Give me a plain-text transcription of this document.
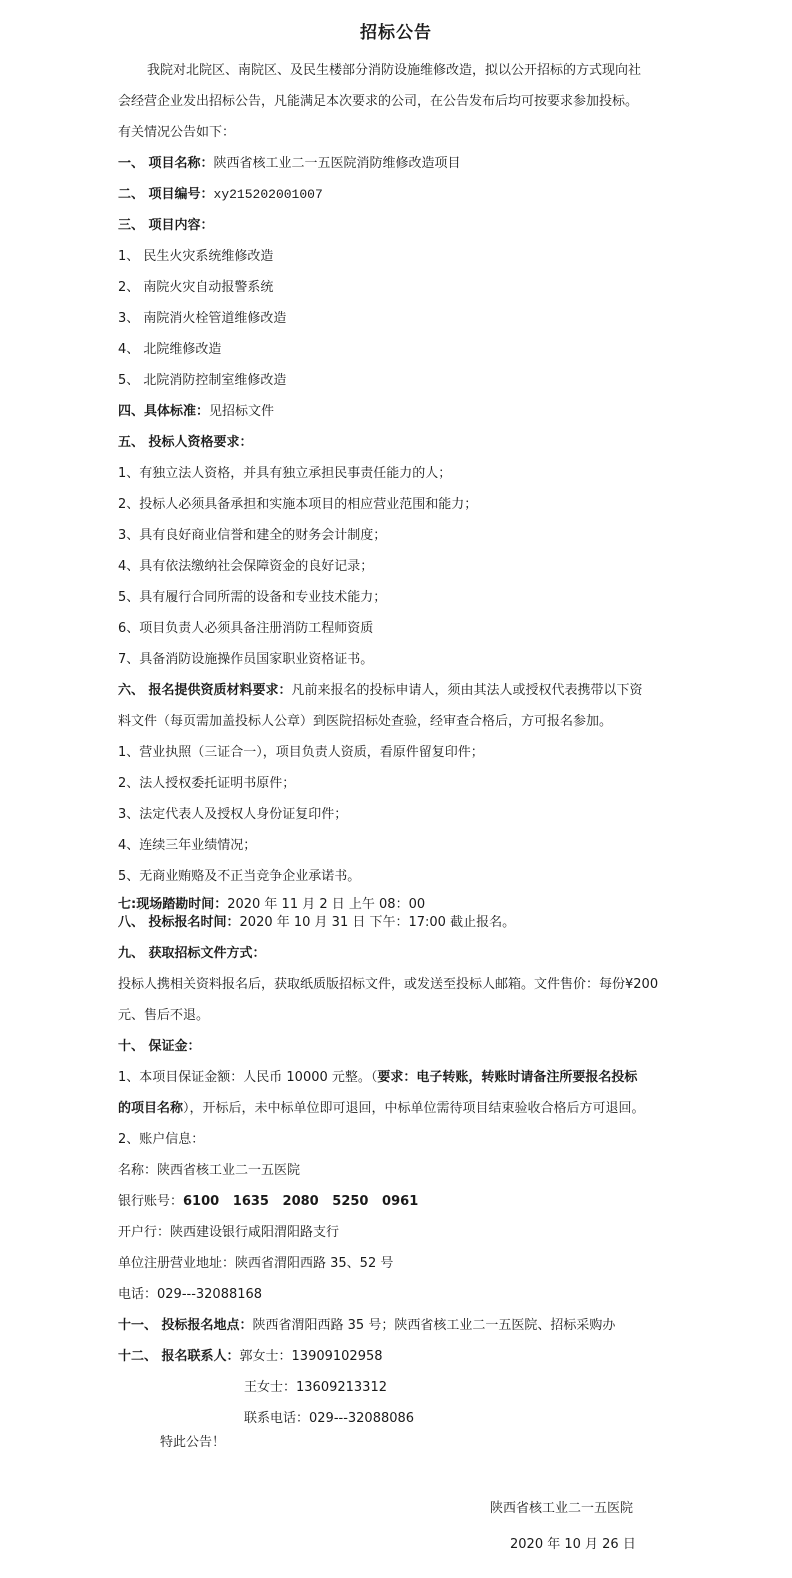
招标公告
我院对北院区、南院区、及民生楼部分消防设施维修改造，拟以公开招标的方式现向社
会经营企业发出招标公告，凡能满足本次要求的公司，在公告发布后均可按要求参加投标。
有关情况公告如下：
一、 项目名称：陕西省核工业二一五医院消防维修改造项目
二、 项目编号：xy215202001007
三、 项目内容：
1、 民生火灾系统维修改造
2、 南院火灾自动报警系统
3、 南院消火栓管道维修改造
4、 北院维修改造
5、 北院消防控制室维修改造
四、具体标准：见招标文件
五、 投标人资格要求：
1、有独立法人资格，并具有独立承担民事责任能力的人；
2、投标人必须具备承担和实施本项目的相应营业范围和能力；
3、具有良好商业信誉和建全的财务会计制度；
4、具有依法缴纳社会保障资金的良好记录；
5、具有履行合同所需的设备和专业技术能力；
6、项目负责人必须具备注册消防工程师资质
7、具备消防设施操作员国家职业资格证书。
六、 报名提供资质材料要求：凡前来报名的投标申请人，须由其法人或授权代表携带以下资
料文件（每页需加盖投标人公章）到医院招标处查验，经审查合格后，方可报名参加。
1、营业执照（三证合一），项目负责人资质，看原件留复印件；
2、法人授权委托证明书原件；
3、法定代表人及授权人身份证复印件；
4、连续三年业绩情况；
5、无商业贿赂及不正当竞争企业承诺书。
七:现场踏勘时间：2020 年 11 月 2 日 上午 08：00
八、 投标报名时间：2020 年 10 月 31 日 下午：17:00 截止报名。
九、 获取招标文件方式：
投标人携相关资料报名后，获取纸质版招标文件，或发送至投标人邮箱。文件售价：每份¥200
元、售后不退。
十、 保证金：
1、本项目保证金额：人民币 10000 元整。（要求：电子转账，转账时请备注所要报名投标
的项目名称），开标后，未中标单位即可退回，中标单位需待项目结束验收合格后方可退回。
2、账户信息：
名称：陕西省核工业二一五医院
银行账号：6100   1635   2080   5250   0961
开户行：陕西建设银行咸阳渭阳路支行
单位注册营业地址：陕西省渭阳西路 35、52 号
电话：029---32088168
十一、 投标报名地点：陕西省渭阳西路 35 号；陕西省核工业二一五医院、招标采购办
十二、 报名联系人：郭女士：13909102958
王女士：13609213312
联系电话：029---32088086
特此公告！
陕西省核工业二一五医院
2020 年 10 月 26 日
